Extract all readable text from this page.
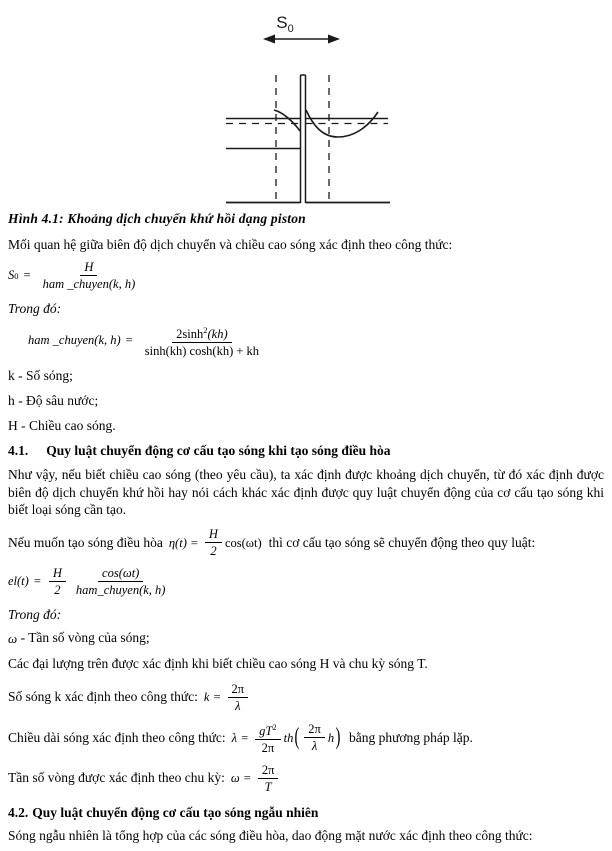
$S_0$

Hình 4.1: Khoảng dịch chuyển khứ hồi dạng piston

Mối quan hệ giữa biên độ dịch chuyển và chiều cao sóng xác định theo công thức:

S $0 = \frac{H}{\text{ham \_chuyen(k, h)}}$

Trong đó:

ham _chuyen(k, $h) = \frac{2\sinh^2(kh)}{\sinh(kh) \cosh(kh) + kh}$

k - Số sóng;

h - Độ sâu nước;

H - Chiều cao sóng.

4.1. Quy luật chuyển động cơ cấu tạo sóng khi tạo sóng điều hòa

Như vậy, nếu biết chiều cao sóng (theo yêu cầu), ta xác định được khoảng dịch chuyển, từ đó xác định được biên độ dịch chuyển khứ hồi hay nói cách khác xác định được quy luật chuyển động của cơ cấu tạo sóng khi biết loại sóng cần tạo.

Nếu muốn tạo sóng điều hòa $\eta(t) = \frac{H}{2} \cos(\omega t)$ thì cơ cấu tạo sóng sẽ chuyển động theo quy luật:
$el(t) = \frac{H}{2} \frac{\cos(\omega t)}{\text{ham\_chuyen(k, h)}}$

Trong đó:

ω - Tần số vòng của sóng;

Các đại lượng trên được xác định khi biết chiều cao sóng H và chu kỳ sóng T.

Số sóng k xác định theo công thức: $k = \frac{2\pi}{\lambda}$
Chiều dài sóng xác định theo công thức: $\lambda = \frac{gT^2}{2\pi}$ th ( $\frac{2\pi}{\lambda}$ h ) bằng phương pháp lặp.
Tần số vòng được xác định theo chu kỳ: $\omega = \frac{2\pi}{T}$

4.2. Quy luật chuyển động cơ cấu tạo sóng ngẫu nhiên

Sóng ngẫu nhiên là tổng hợp của các sóng điều hòa, dao động mặt nước xác định theo công thức:
